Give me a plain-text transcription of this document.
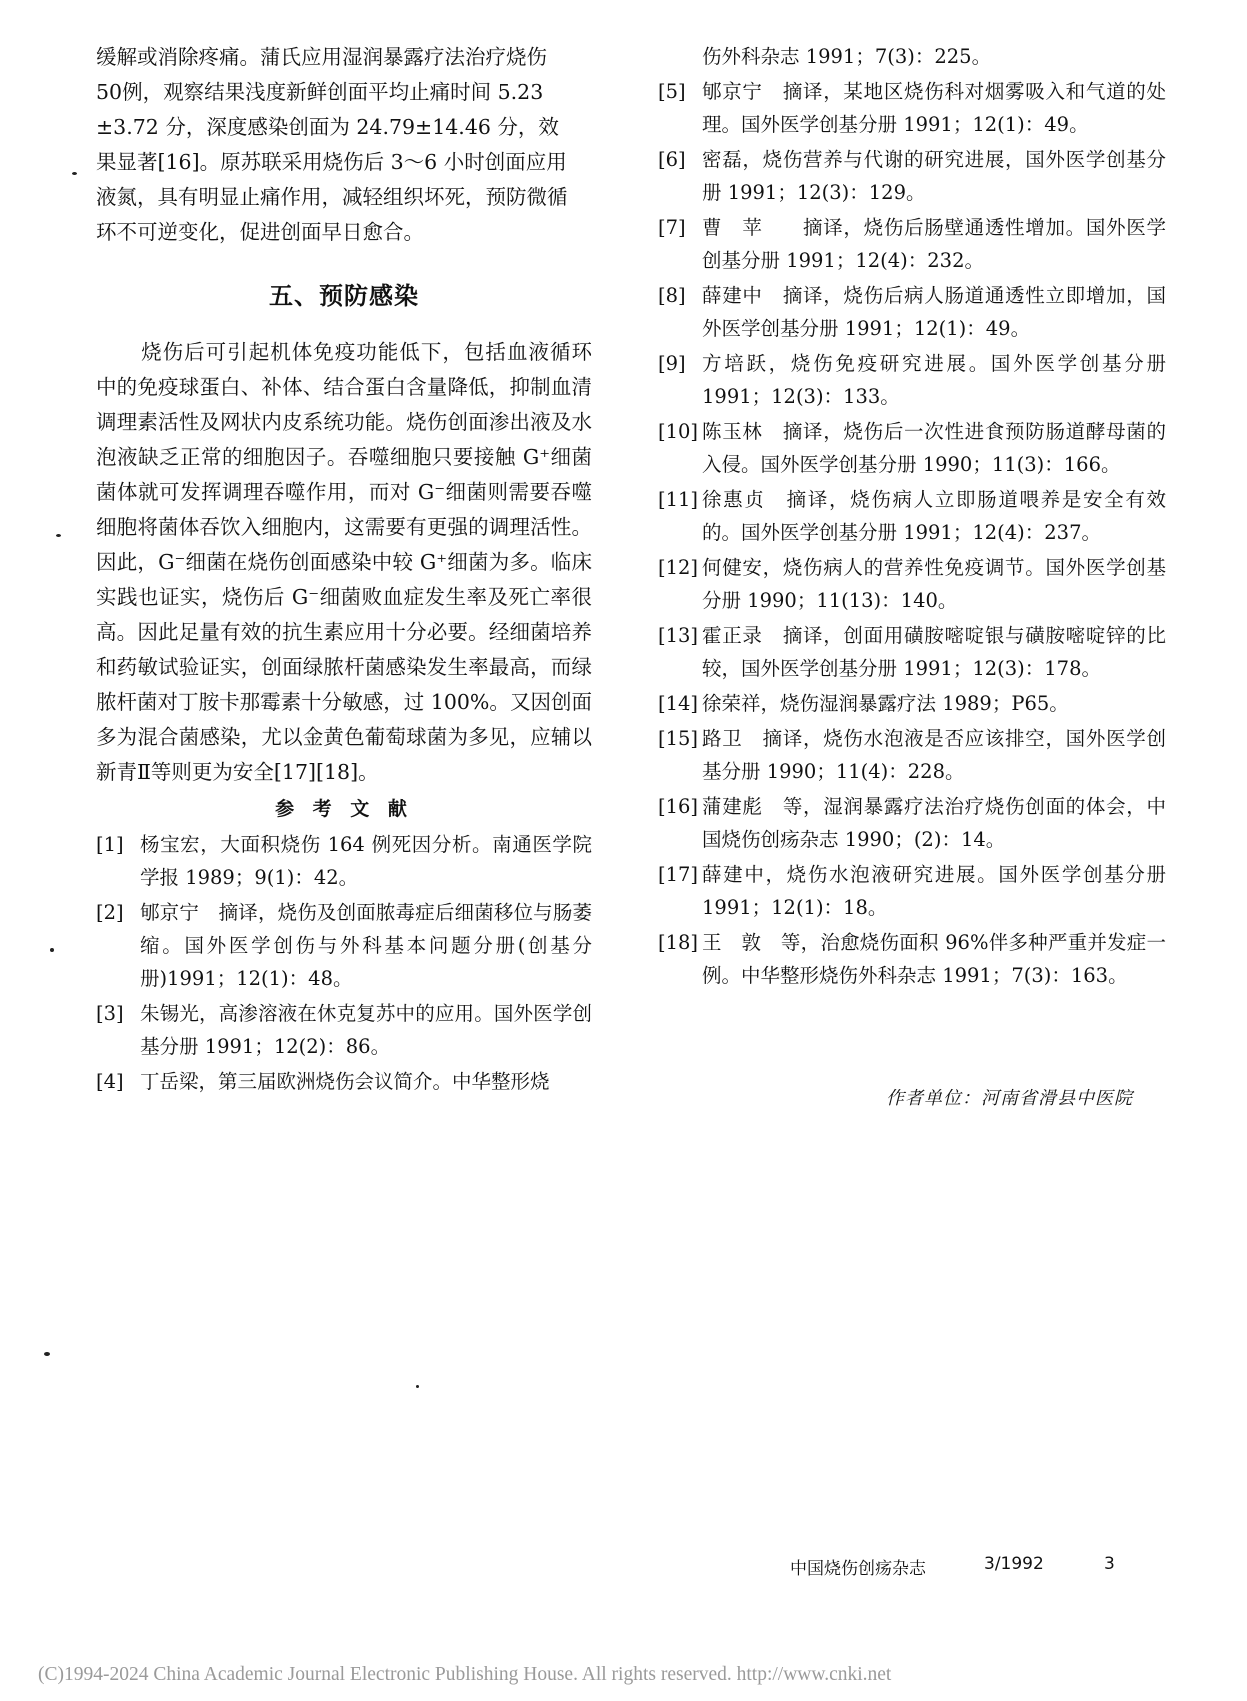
缓解或消除疼痛。蒲氏应用湿润暴露疗法治疗烧伤

50例，观察结果浅度新鲜创面平均止痛时间 5.23

±3.72 分，深度感染创面为 24.79±14.46 分，效

果显著[16]。原苏联采用烧伤后 3～6 小时创面应用

液氮，具有明显止痛作用，减轻组织坏死，预防微循

环不可逆变化，促进创面早日愈合。

五、预防感染

烧伤后可引起机体免疫功能低下，包括血液循环中的免疫球蛋白、补体、结合蛋白含量降低，抑制血清调理素活性及网状内皮系统功能。烧伤创面渗出液及水泡液缺乏正常的细胞因子。吞噬细胞只要接触 G⁺细菌菌体就可发挥调理吞噬作用，而对 G⁻细菌则需要吞噬细胞将菌体吞饮入细胞内，这需要有更强的调理活性。因此，G⁻细菌在烧伤创面感染中较 G⁺细菌为多。临床实践也证实，烧伤后 G⁻细菌败血症发生率及死亡率很高。因此足量有效的抗生素应用十分必要。经细菌培养和药敏试验证实，创面绿脓杆菌感染发生率最高，而绿脓杆菌对丁胺卡那霉素十分敏感，过 100%。又因创面多为混合菌感染，尤以金黄色葡萄球菌为多见，应辅以新青Ⅱ等则更为安全[17][18]。

参 考 文 献
[1] 杨宝宏，大面积烧伤 164 例死因分析。南通医学院学报 1989；9(1)：42。
[2] 郇京宁　摘译，烧伤及创面脓毒症后细菌移位与肠萎缩。国外医学创伤与外科基本问题分册(创基分册)1991；12(1)：48。
[3] 朱锡光，高渗溶液在休克复苏中的应用。国外医学创基分册 1991；12(2)：86。
[4] 丁岳梁，第三届欧洲烧伤会议简介。中华整形烧
伤外科杂志 1991；7(3)：225。
[5] 郇京宁　摘译，某地区烧伤科对烟雾吸入和气道的处理。国外医学创基分册 1991；12(1)：49。
[6] 密磊，烧伤营养与代谢的研究进展，国外医学创基分册 1991；12(3)：129。
[7] 曹　苹　　摘译，烧伤后肠壁通透性增加。国外医学创基分册 1991；12(4)：232。
[8] 薛建中　摘译，烧伤后病人肠道通透性立即增加，国外医学创基分册 1991；12(1)：49。
[9] 方培跃，烧伤免疫研究进展。国外医学创基分册 1991；12(3)：133。
[10] 陈玉林　摘译，烧伤后一次性进食预防肠道酵母菌的入侵。国外医学创基分册 1990；11(3)：166。
[11] 徐惠贞　摘译，烧伤病人立即肠道喂养是安全有效的。国外医学创基分册 1991；12(4)：237。
[12] 何健安，烧伤病人的营养性免疫调节。国外医学创基分册 1990；11(13)：140。
[13] 霍正录　摘译，创面用磺胺嘧啶银与磺胺嘧啶锌的比较，国外医学创基分册 1991；12(3)：178。
[14] 徐荣祥，烧伤湿润暴露疗法 1989；P65。
[15] 路卫　摘译，烧伤水泡液是否应该排空，国外医学创基分册 1990；11(4)：228。
[16] 蒲建彪　等，湿润暴露疗法治疗烧伤创面的体会，中国烧伤创疡杂志 1990；(2)：14。
[17] 薛建中，烧伤水泡液研究进展。国外医学创基分册 1991；12(1)：18。
[18] 王　敦　等，治愈烧伤面积 96%伴多种严重并发症一例。中华整形烧伤外科杂志 1991；7(3)：163。
作者单位：河南省滑县中医院
中国烧伤创疡杂志	3/1992	3
(C)1994-2024 China Academic Journal Electronic Publishing House. All rights reserved. http://www.cnki.net
